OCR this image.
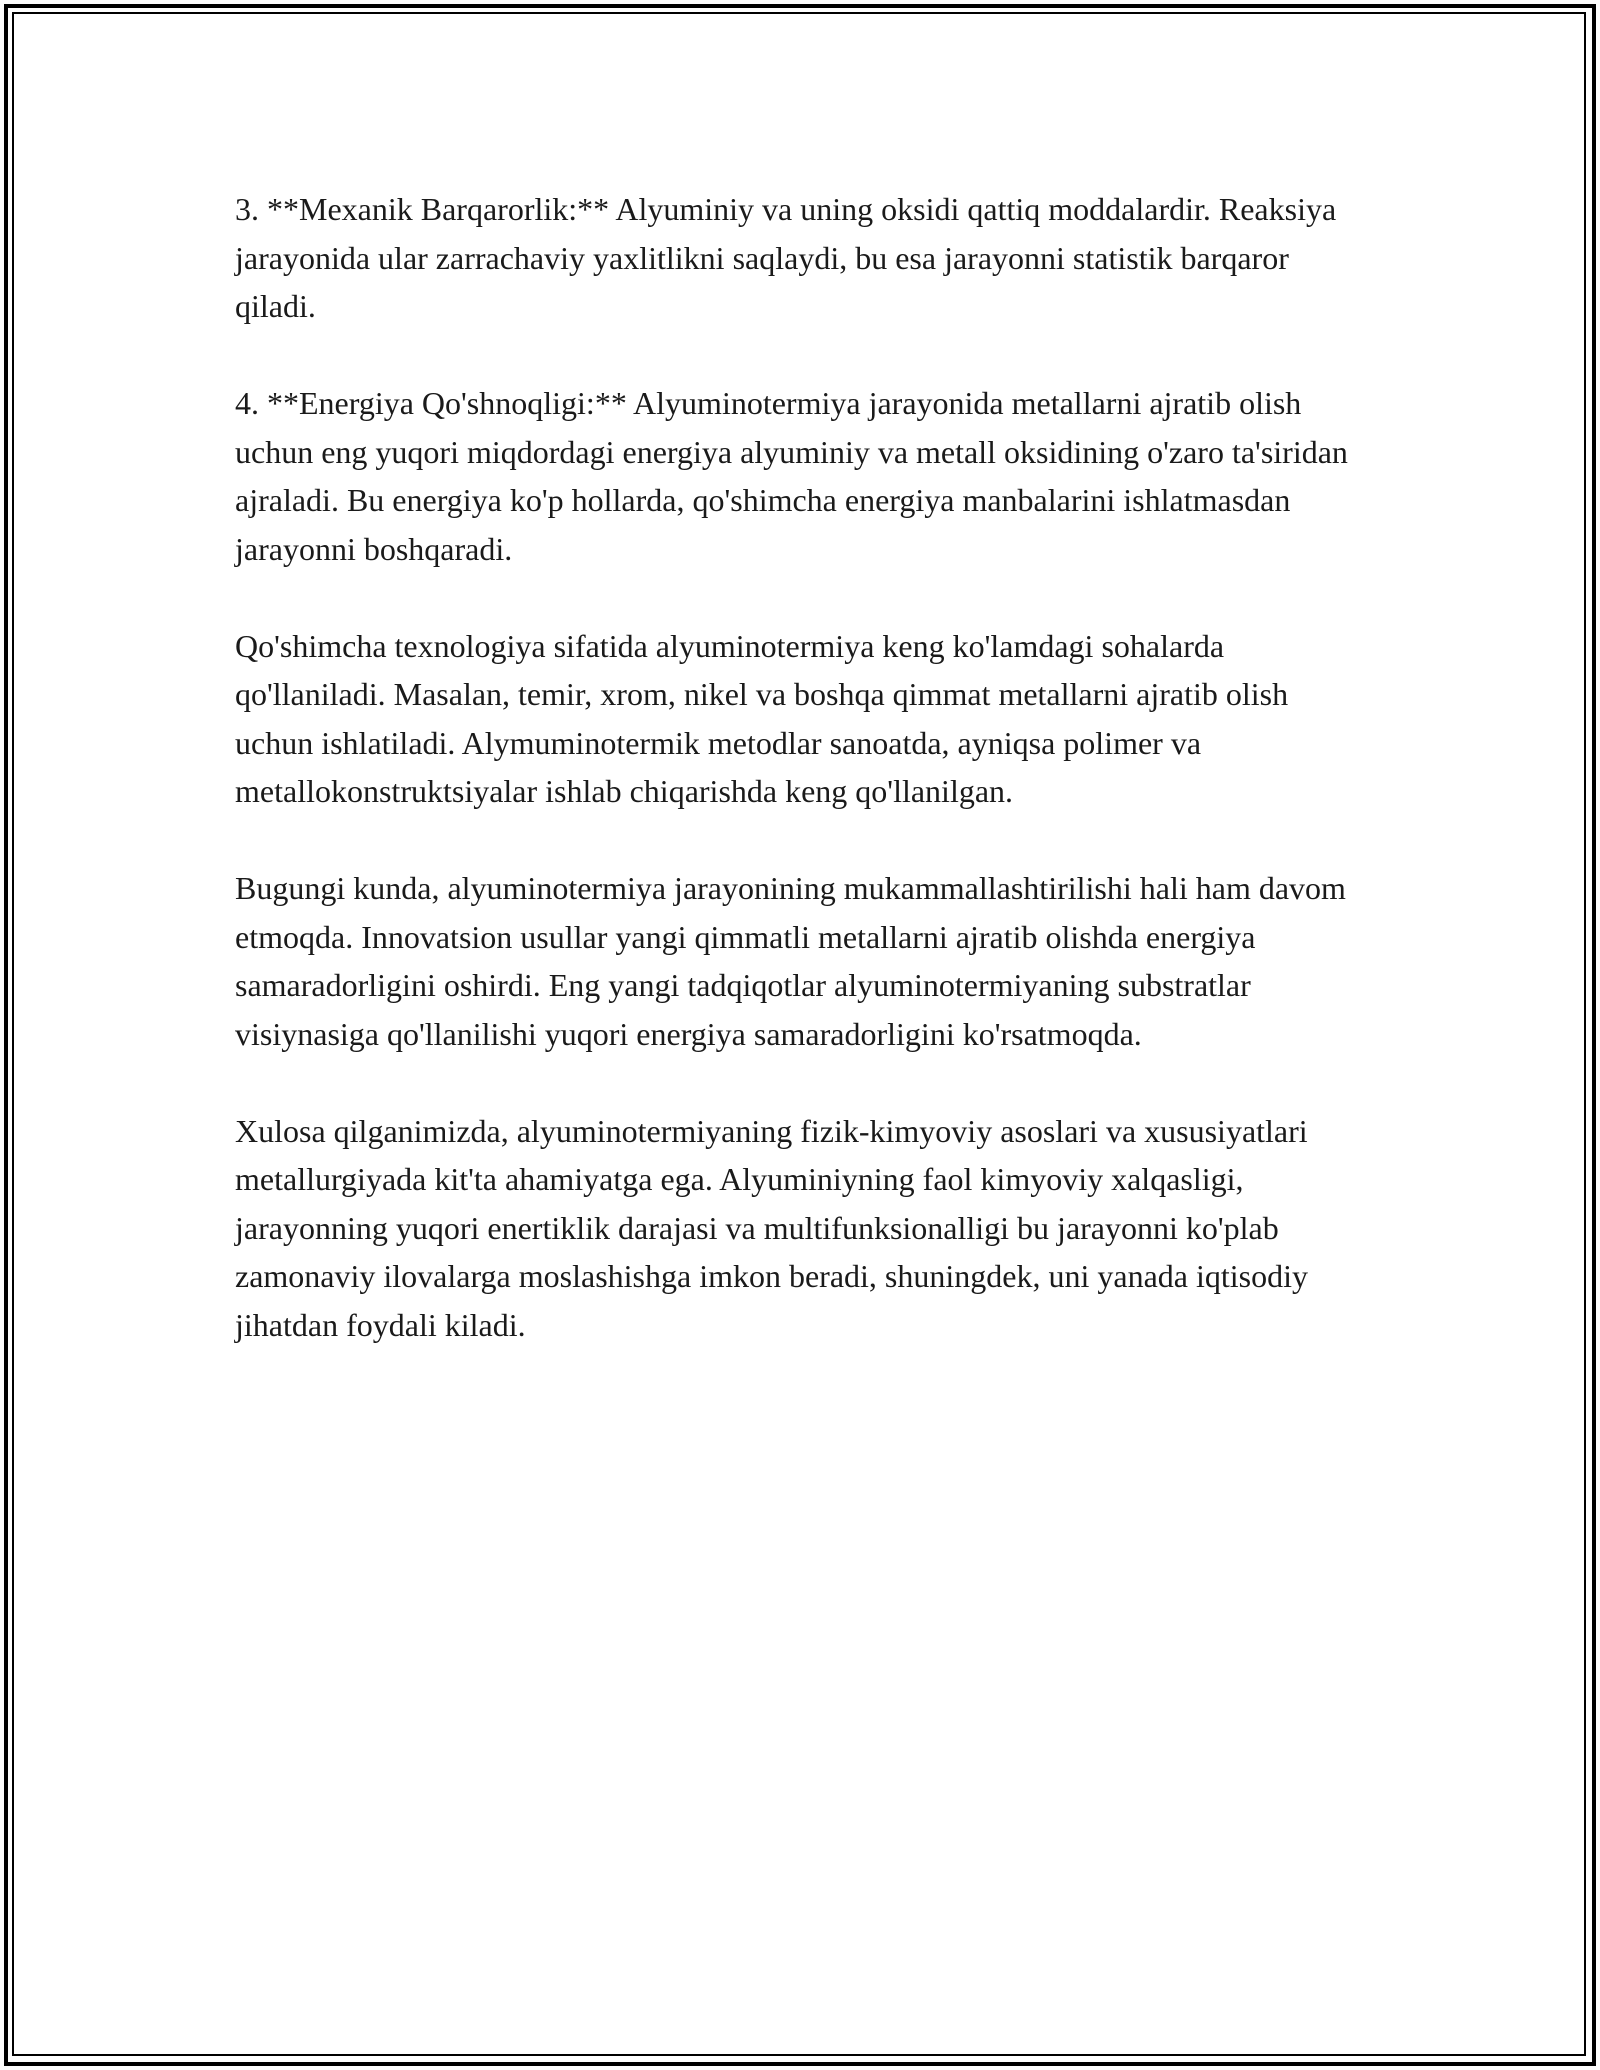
3. **Mexanik Barqarorlik:** Alyuminiy va uning oksidi qattiq moddalardir. Reaksiya jarayonida ular zarrachaviy yaxlitlikni saqlaydi, bu esa jarayonni statistik barqaror qiladi.

4. **Energiya Qo'shnoqligi:** Alyuminotermiya jarayonida metallarni ajratib olish uchun eng yuqori miqdordagi energiya alyuminiy va metall oksidining o'zaro ta'siridan ajraladi. Bu energiya ko'p hollarda, qo'shimcha energiya manbalarini ishlatmasdan jarayonni boshqaradi.

Qo'shimcha texnologiya sifatida alyuminotermiya keng ko'lamdagi sohalarda qo'llaniladi. Masalan, temir, xrom, nikel va boshqa qimmat metallarni ajratib olish uchun ishlatiladi. Alymuminotermik metodlar sanoatda, ayniqsa polimer va metallokonstruktsiyalar ishlab chiqarishda keng qo'llanilgan.

Bugungi kunda, alyuminotermiya jarayonining mukammallashtirilishi hali ham davom etmoqda. Innovatsion usullar yangi qimmatli metallarni ajratib olishda energiya samaradorligini oshirdi. Eng yangi tadqiqotlar alyuminotermiyaning substratlar visiynasiga qo'llanilishi yuqori energiya samaradorligini ko'rsatmoqda.

Xulosa qilganimizda, alyuminotermiyaning fizik-kimyoviy asoslari va xususiyatlari metallurgiyada kit'ta ahamiyatga ega. Alyuminiyning faol kimyoviy xalqasligi, jarayonning yuqori enertiklik darajasi va multifunksionalligi bu jarayonni ko'plab zamonaviy ilovalarga moslashishga imkon beradi, shuningdek, uni yanada iqtisodiy jihatdan foydali kiladi.
